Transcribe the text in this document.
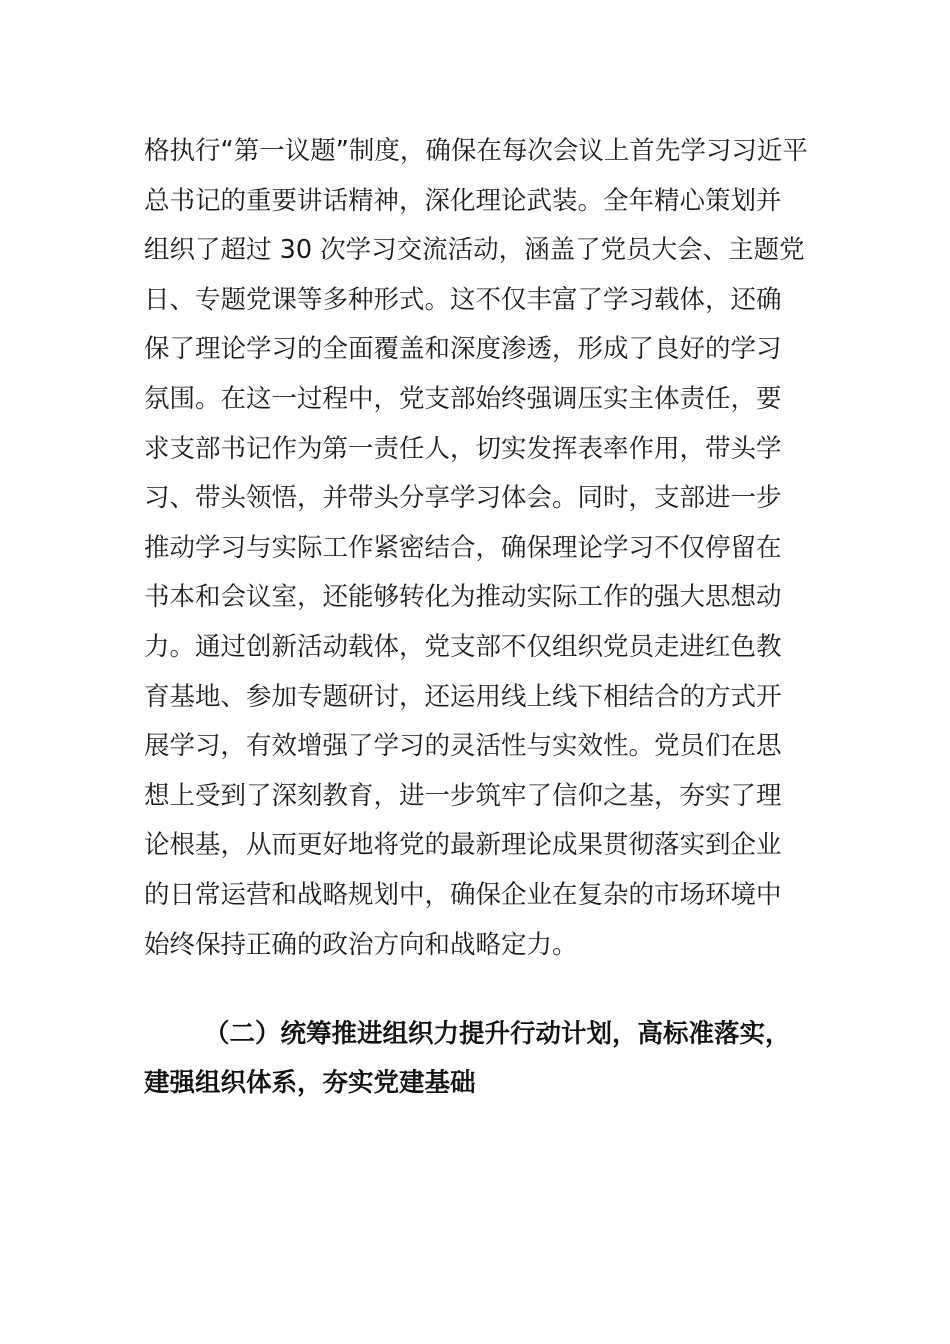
格执行“第一议题”制度，确保在每次会议上首先学习习近平
总书记的重要讲话精神，深化理论武装。全年精心策划并
组织了超过 30 次学习交流活动，涵盖了党员大会、主题党
日、专题党课等多种形式。这不仅丰富了学习载体，还确
保了理论学习的全面覆盖和深度渗透，形成了良好的学习
氛围。在这一过程中，党支部始终强调压实主体责任，要
求支部书记作为第一责任人，切实发挥表率作用，带头学
习、带头领悟，并带头分享学习体会。同时，支部进一步
推动学习与实际工作紧密结合，确保理论学习不仅停留在
书本和会议室，还能够转化为推动实际工作的强大思想动
力。通过创新活动载体，党支部不仅组织党员走进红色教
育基地、参加专题研讨，还运用线上线下相结合的方式开
展学习，有效增强了学习的灵活性与实效性。党员们在思
想上受到了深刻教育，进一步筑牢了信仰之基，夯实了理
论根基，从而更好地将党的最新理论成果贯彻落实到企业
的日常运营和战略规划中，确保企业在复杂的市场环境中
始终保持正确的政治方向和战略定力。
（二）统筹推进组织力提升行动计划，高标准落实，
建强组织体系，夯实党建基础
